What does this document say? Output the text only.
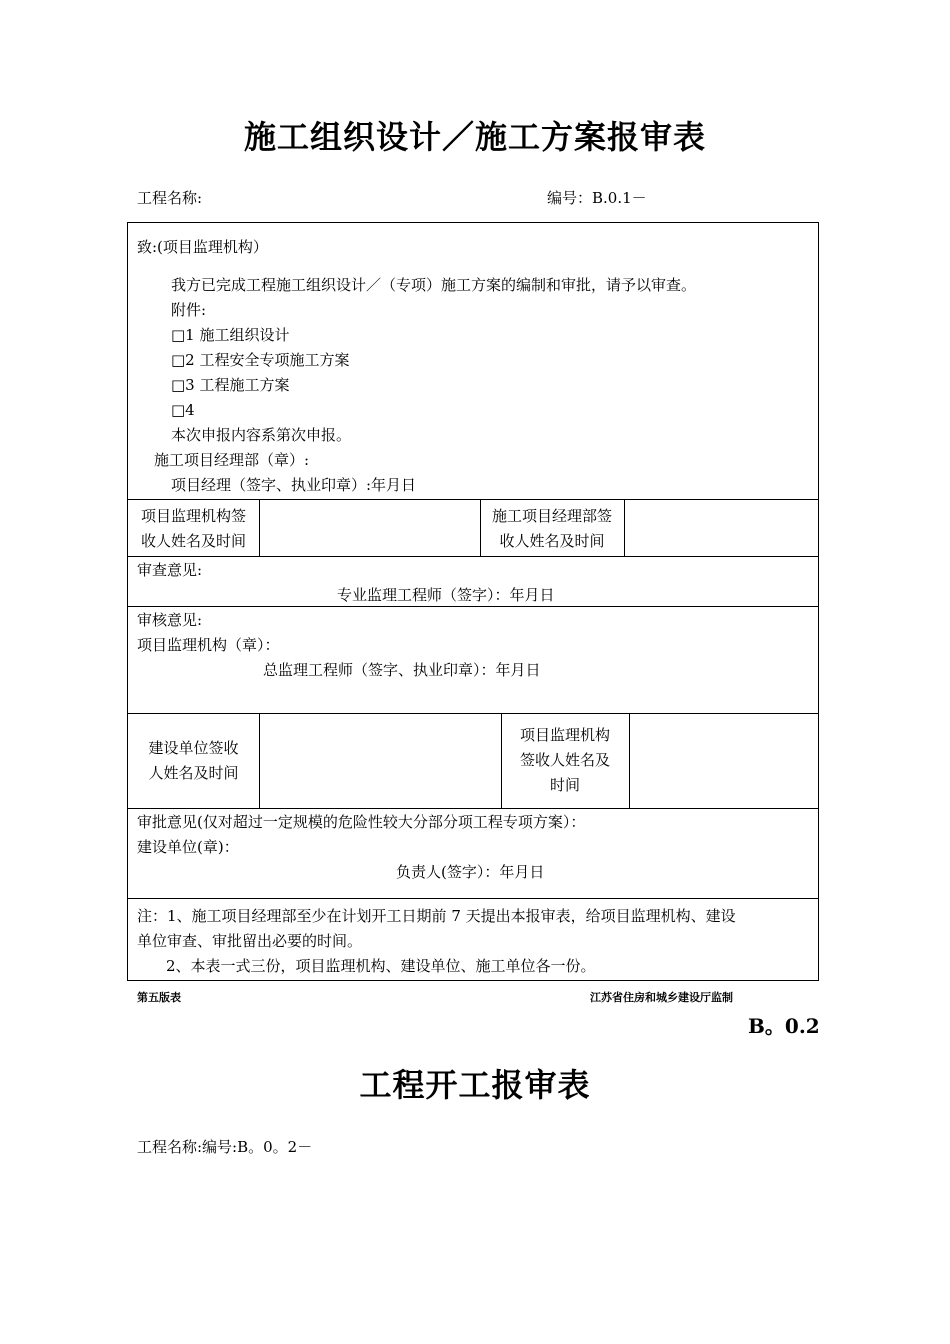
施工组织设计／施工方案报审表
工程名称:	编号：B.0.1－
致:(项目监理机构）
我方已完成工程施工组织设计／（专项）施工方案的编制和审批，请予以审查。
附件:
□1 施工组织设计
□2 工程安全专项施工方案
□3 工程施工方案
□4
本次申报内容系第次申报。
施工项目经理部（章）:
项目经理（签字、执业印章）:年月日
项目监理机构签
收人姓名及时间
施工项目经理部签
收人姓名及时间
审查意见:
专业监理工程师（签字）：年月日
审核意见:
项目监理机构（章）：
总监理工程师（签字、执业印章）：年月日
建设单位签收
人姓名及时间
项目监理机构
签收人姓名及
时间
审批意见(仅对超过一定规模的危险性较大分部分项工程专项方案）：
建设单位(章)：
负责人(签字）：年月日
注：1、施工项目经理部至少在计划开工日期前 7 天提出本报审表，给项目监理机构、建设
单位审查、审批留出必要的时间。
2、本表一式三份，项目监理机构、建设单位、施工单位各一份。
第五版表	江苏省住房和城乡建设厅监制
B。0.2
工程开工报审表
工程名称:编号:B。0。2－
